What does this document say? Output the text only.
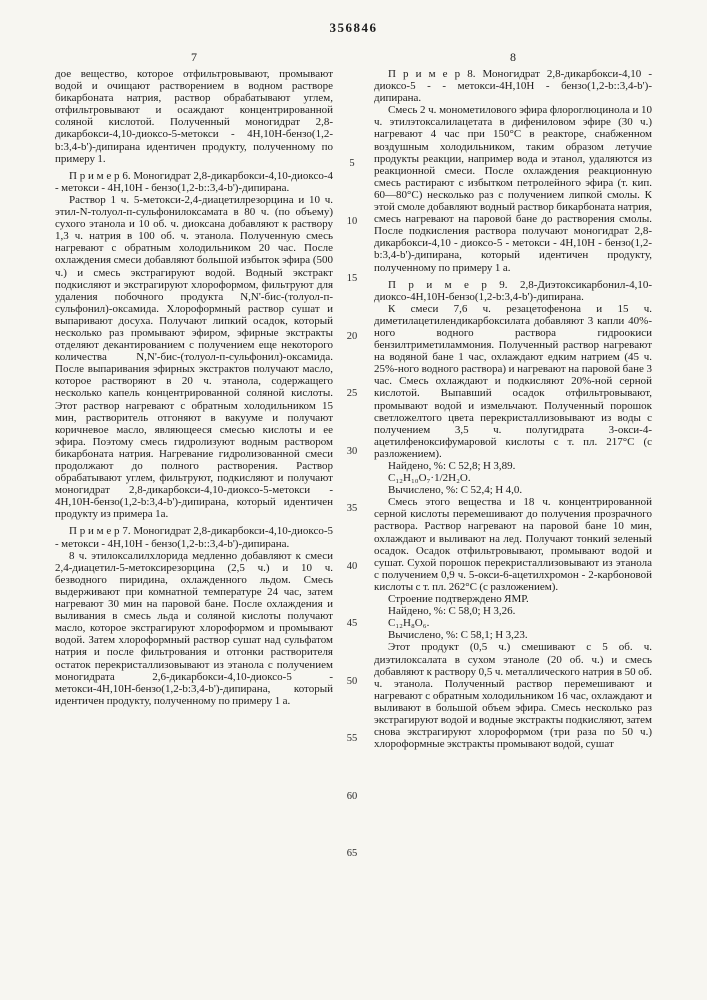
356846
7	8

дое вещество, которое отфильтровывают, промывают водой и очищают растворением в водном растворе бикарбоната натрия, раствор обрабатывают углем, отфильтровывают и осаждают концентрированной соляной кислотой. Полученный моногидрат 2,8-дикарбокси-4,10-диоксо-5-метокси - 4Н,10Н-бензо(1,2-b:3,4-b')-дипирана идентичен продукту, полученному по примеру 1.

П р и м е р 6. Моногидрат 2,8-дикарбокси-4,10-диоксо-4 - метокси - 4Н,10Н - бензо(1,2-b::3,4-b')-дипирана.

Раствор 1 ч. 5-метокси-2,4-диацетилрезорцина и 10 ч. этил-N-толуол-п-сульфонилоксамата в 80 ч. (по объему) сухого этанола и 10 об. ч. диоксана добавляют к раствору 1,3 ч. натрия в 100 об. ч. этанола. Полученную смесь нагревают с обратным холодильником 20 час. После охлаждения смеси добавляют большой избыток эфира (500 ч.) и смесь экстрагируют водой. Водный экстракт подкисляют и экстрагируют хлороформом, фильтруют для удаления побочного продукта N,N'-бис-(толуол-п-сульфонил)-оксамида. Хлороформный раствор сушат и выпаривают досуха. Получают липкий осадок, который несколько раз промывают эфиром, эфирные экстракты отделяют декантированием с получением еще некоторого количества N,N'-бис-(толуол-п-сульфонил)-оксамида. После выпаривания эфирных экстрактов получают масло, которое растворяют в 20 ч. этанола, содержащего несколько капель концентрированной соляной кислоты. Этот раствор нагревают с обратным холодильником 15 мин, растворитель отгоняют в вакууме и получают коричневое масло, являющееся смесью кислоты и ее эфира. Поэтому смесь гидролизуют водным раствором бикарбоната натрия. Нагревание гидролизованной смеси продолжают до полного растворения. Раствор обрабатывают углем, фильтруют, подкисляют и получают моногидрат 2,8-дикарбокси-4,10-диоксо-5-метокси - 4Н,10Н-бензо(1,2-b:3,4-b')-дипирана, который идентичен продукту из примера 1а.

П р и м е р 7. Моногидрат 2,8-дикарбокси-4,10-диоксо-5 - метокси - 4Н,10Н - бензо(1,2-b::3,4-b')-дипирана.

8 ч. этилоксалилхлорида медленно добавляют к смеси 2,4-диацетил-5-метоксирезорцина (2,5 ч.) и 10 ч. безводного пиридина, охлажденного льдом. Смесь выдерживают при комнатной температуре 24 час, затем нагревают 30 мин на паровой бане. После охлаждения и выливания в смесь льда и соляной кислоты получают масло, которое экстрагируют хлороформом и промывают водой. Затем хлороформный раствор сушат над сульфатом натрия и после фильтрования и отгонки растворителя остаток перекристаллизовывают из этанола с получением моногидрата 2,6-дикарбокси-4,10-диоксо-5 - метокси-4Н,10Н-бензо(1,2-b:3,4-b')-дипирана, который идентичен продукту, полученному по примеру 1 а.

П р и м е р 8. Моногидрат 2,8-дикарбокси-4,10 - диоксо-5 - - метокси-4Н,10Н - бензо(1,2-b::3,4-b')-дипирана.

Смесь 2 ч. монометилового эфира флороглюцинола и 10 ч. этилэтоксалилацетата в дифениловом эфире (30 ч.) нагревают 4 час при 150°С в реакторе, снабженном воздушным холодильником, таким образом летучие продукты реакции, например вода и этанол, удаляются из реакционной смеси. После охлаждения реакционную смесь растирают с избытком петролейного эфира (т. кип. 60—80°С) несколько раз с получением липкой смолы. К этой смоле добавляют водный раствор бикарбоната натрия, смесь нагревают на паровой бане до растворения смолы. После подкисления раствора получают моногидрат 2,8-дикарбокси-4,10 - диоксо-5 - метокси - 4Н,10Н - бензо(1,2-b:3,4-b')-дипирана, который идентичен продукту, полученному по примеру 1 а.

П р и м е р 9. 2,8-Диэтоксикарбонил-4,10-диоксо-4Н,10Н-бензо(1,2-b:3,4-b')-дипирана.

К смеси 7,6 ч. резацетофенона и 15 ч. диметилацетилендикарбоксилата добавляют 3 капли 40%-ного водного раствора гидроокиси бензилтриметиламмония. Полученный раствор нагревают на водяной бане 1 час, охлаждают едким натрием (45 ч. 25%-ного водного раствора) и нагревают на паровой бане 3 час. Смесь охлаждают и подкисляют 20%-ной серной кислотой. Выпавший осадок отфильтровывают, промывают водой и измельчают. Полученный порошок светложелтого цвета перекристаллизовывают из воды с получением 3,5 ч. полугидрата 3-окси-4-ацетилфеноксифумаровой кислоты с т. пл. 217°С (с разложением).

Найдено, %: С 52,8; Н 3,89.

C₁₂H₁₀O₇·1/2H₂O.

Вычислено, %: С 52,4; Н 4,0.

Смесь этого вещества и 18 ч. концентрированной серной кислоты перемешивают до получения прозрачного раствора. Раствор нагревают на паровой бане 10 мин, охлаждают и выливают на лед. Получают тонкий зеленый осадок. Осадок отфильтровывают, промывают водой и сушат. Сухой порошок перекристаллизовывают из этанола с получением 0,9 ч. 5-окси-6-ацетилхромон - 2-карбоновой кислоты с т. пл. 262°С (с разложением).

Строение подтверждено ЯМР.

Найдено, %: С 58,0; Н 3,26.

C₁₂H₈O₆.

Вычислено, %: С 58,1; Н 3,23.

Этот продукт (0,5 ч.) смешивают с 5 об. ч. диэтилоксалата в сухом этаноле (20 об. ч.) и смесь добавляют к раствору 0,5 ч. металлического натрия в 50 об. ч. этанола. Полученный раствор перемешивают и нагревают с обратным холодильником 16 час, охлаждают и выливают в большой объем эфира. Смесь несколько раз экстрагируют водой и водные экстракты подкисляют, затем снова экстрагируют хлороформом (три раза по 50 ч.) хлороформные экстракты промывают водой, сушат

5
10
15
20
25
30
35
40
45
50
55
60
65
